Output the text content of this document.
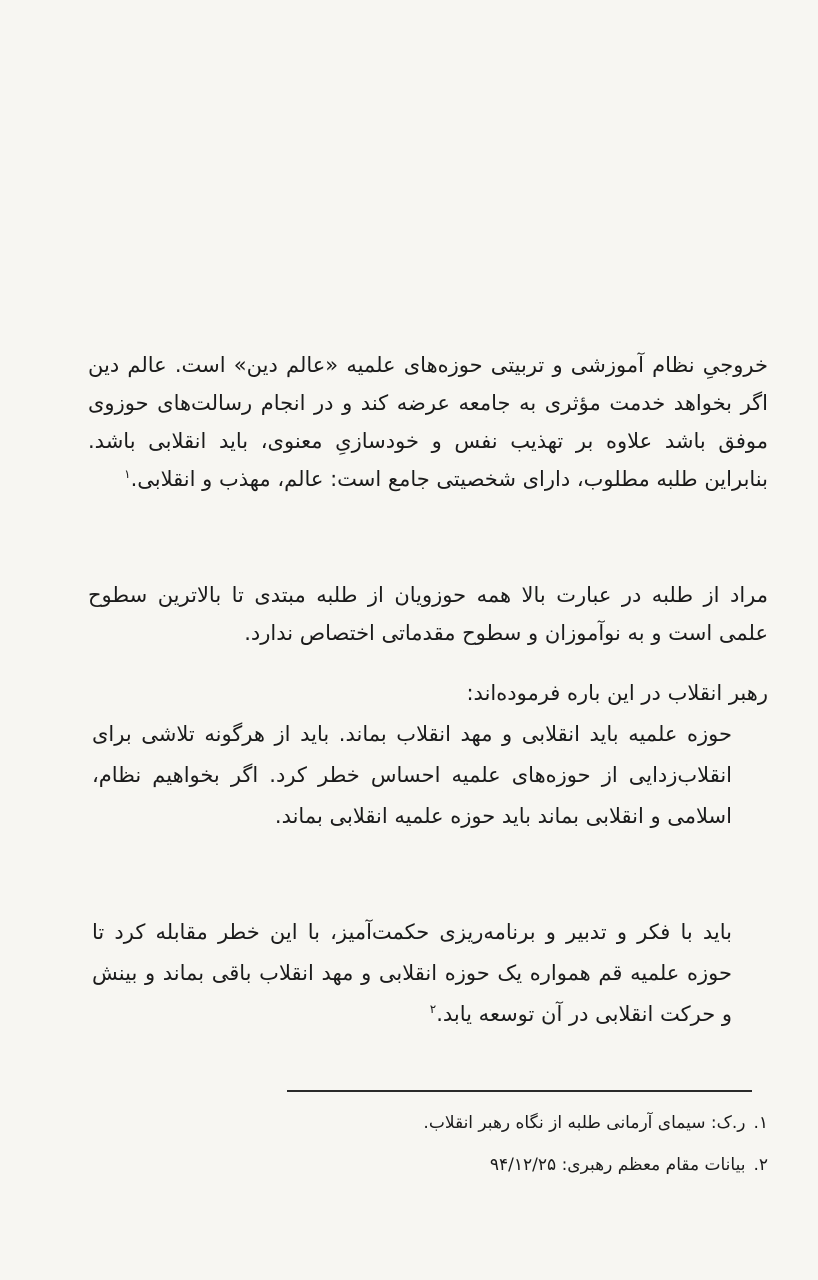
خروجیِ نظام آموزشی و تربیتی حوزه‌های علمیه «عالم دین» است. عالم دین اگر بخواهد خدمت مؤثری به جامعه عرضه کند و در انجام رسالت‌های حوزوی موفق باشد علاوه بر تهذیب نفس و خودسازیِ معنوی، باید انقلابی باشد. بنابراین طلبه مطلوب، دارای شخصیتی جامع است: عالم، مهذب و انقلابی.$^۱$

مراد از طلبه در عبارت بالا همه حوزویان از طلبه مبتدی تا بالاترین سطوح علمی است و به نوآموزان و سطوح مقدماتی اختصاص ندارد.

رهبر انقلاب در این باره فرموده‌اند:

حوزه علمیه باید انقلابی و مهد انقلاب بماند. باید از هرگونه تلاشی برای انقلاب‌زدایی از حوزه‌های علمیه احساس خطر کرد. اگر بخواهیم نظام، اسلامی و انقلابی بماند باید حوزه علمیه انقلابی بماند.

باید با فکر و تدبیر و برنامه‌ریزی حکمت‌آمیز، با این خطر مقابله کرد تا حوزه علمیه قم همواره یک حوزه انقلابی و مهد انقلاب باقی بماند و بینش و حرکت انقلابی در آن توسعه یابد.$^۲$

۱.ر.ک: سیمای آرمانی طلبه از نگاه رهبر انقلاب.
۲.بیانات مقام معظم رهبری: ۹۴/۱۲/۲۵
